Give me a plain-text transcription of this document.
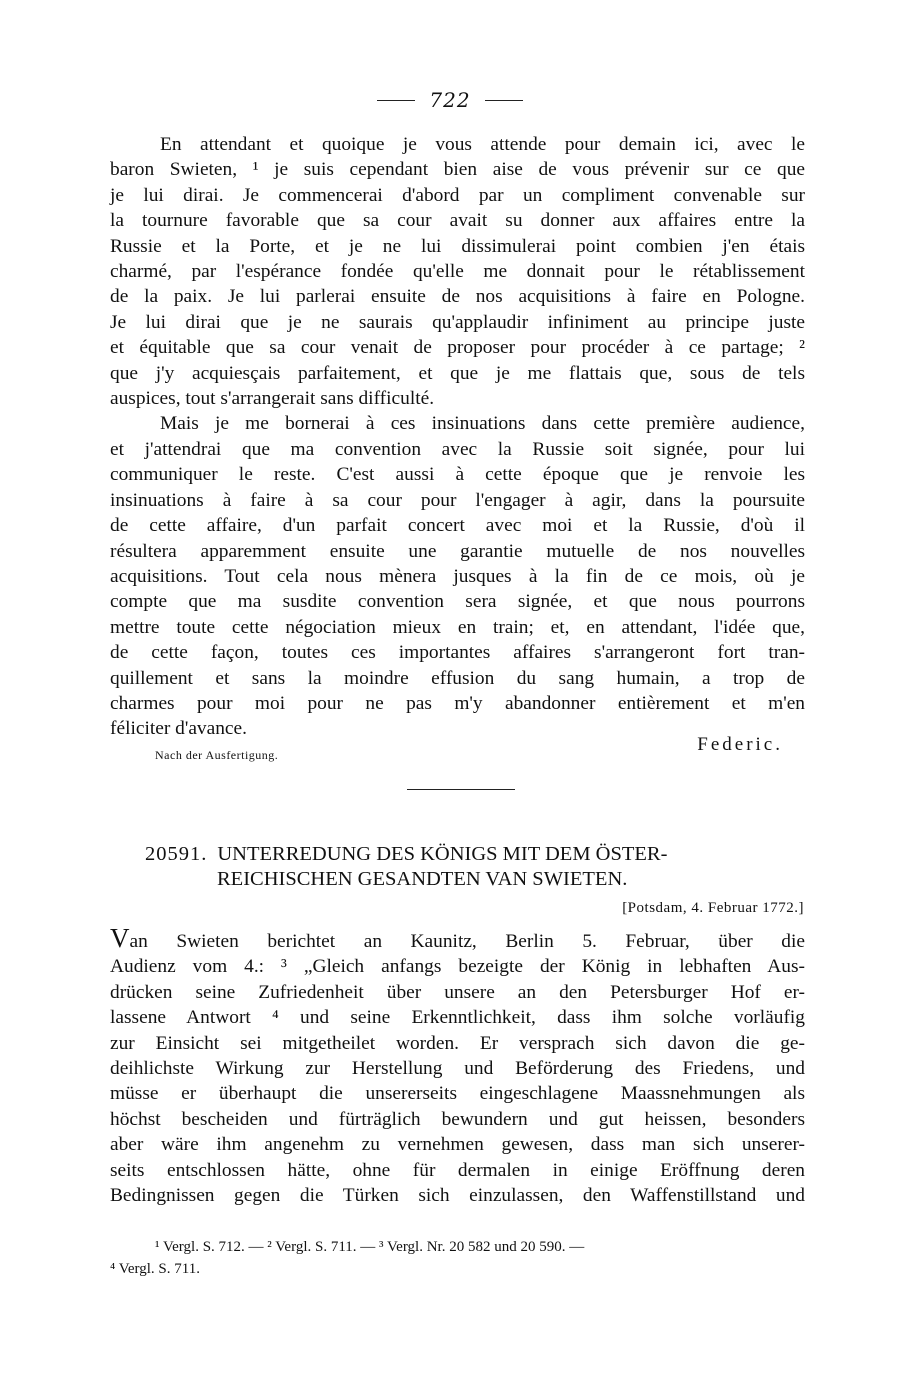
722

En attendant et quoique je vous attende pour demain ici, avec le

baron Swieten, ¹ je suis cependant bien aise de vous prévenir sur ce que
je lui dirai. Je commencerai d'abord par un compliment convenable sur
la tournure favorable que sa cour avait su donner aux affaires entre la
Russie et la Porte, et je ne lui dissimulerai point combien j'en étais
charmé, par l'espérance fondée qu'elle me donnait pour le rétablissement
de la paix. Je lui parlerai ensuite de nos acquisitions à faire en Pologne.
Je lui dirai que je ne saurais qu'applaudir infiniment au principe juste
et équitable que sa cour venait de proposer pour procéder à ce partage; ²
que j'y acquiesçais parfaitement, et que je me flattais que, sous de tels
auspices, tout s'arrangerait sans difficulté.

Mais je me bornerai à ces insinuations dans cette première audience,

et j'attendrai que ma convention avec la Russie soit signée, pour lui
communiquer le reste. C'est aussi à cette époque que je renvoie les
insinuations à faire à sa cour pour l'engager à agir, dans la poursuite
de cette affaire, d'un parfait concert avec moi et la Russie, d'où il
résultera apparemment ensuite une garantie mutuelle de nos nouvelles
acquisitions. Tout cela nous mènera jusques à la fin de ce mois, où je
compte que ma susdite convention sera signée, et que nous pourrons
mettre toute cette négociation mieux en train; et, en attendant, l'idée que,
de cette façon, toutes ces importantes affaires s'arrangeront fort tran-
quillement et sans la moindre effusion du sang humain, a trop de
charmes pour moi pour ne pas m'y abandonner entièrement et m'en
féliciter d'avance.

Nach der Ausfertigung.	Federic.
20591. UNTERREDUNG DES KÖNIGS MIT DEM ÖSTER-
REICHISCHEN GESANDTEN VAN SWIETEN.
[Potsdam, 4. Februar 1772.]

Van Swieten berichtet an Kaunitz, Berlin 5. Februar, über die
Audienz vom 4.: ³ „Gleich anfangs bezeigte der König in lebhaften Aus-
drücken seine Zufriedenheit über unsere an den Petersburger Hof er-
lassene Antwort ⁴ und seine Erkenntlichkeit, dass ihm solche vorläufig
zur Einsicht sei mitgetheilet worden. Er versprach sich davon die ge-
deihlichste Wirkung zur Herstellung und Beförderung des Friedens, und
müsse er überhaupt die unsererseits eingeschlagene Maassnehmungen als
höchst bescheiden und fürträglich bewundern und gut heissen, besonders
aber wäre ihm angenehm zu vernehmen gewesen, dass man sich unserer-
seits entschlossen hätte, ohne für dermalen in einige Eröffnung deren
Bedingnissen gegen die Türken sich einzulassen, den Waffenstillstand und

¹ Vergl. S. 712. — ² Vergl. S. 711. — ³ Vergl. Nr. 20 582 und 20 590. —
⁴ Vergl. S. 711.
